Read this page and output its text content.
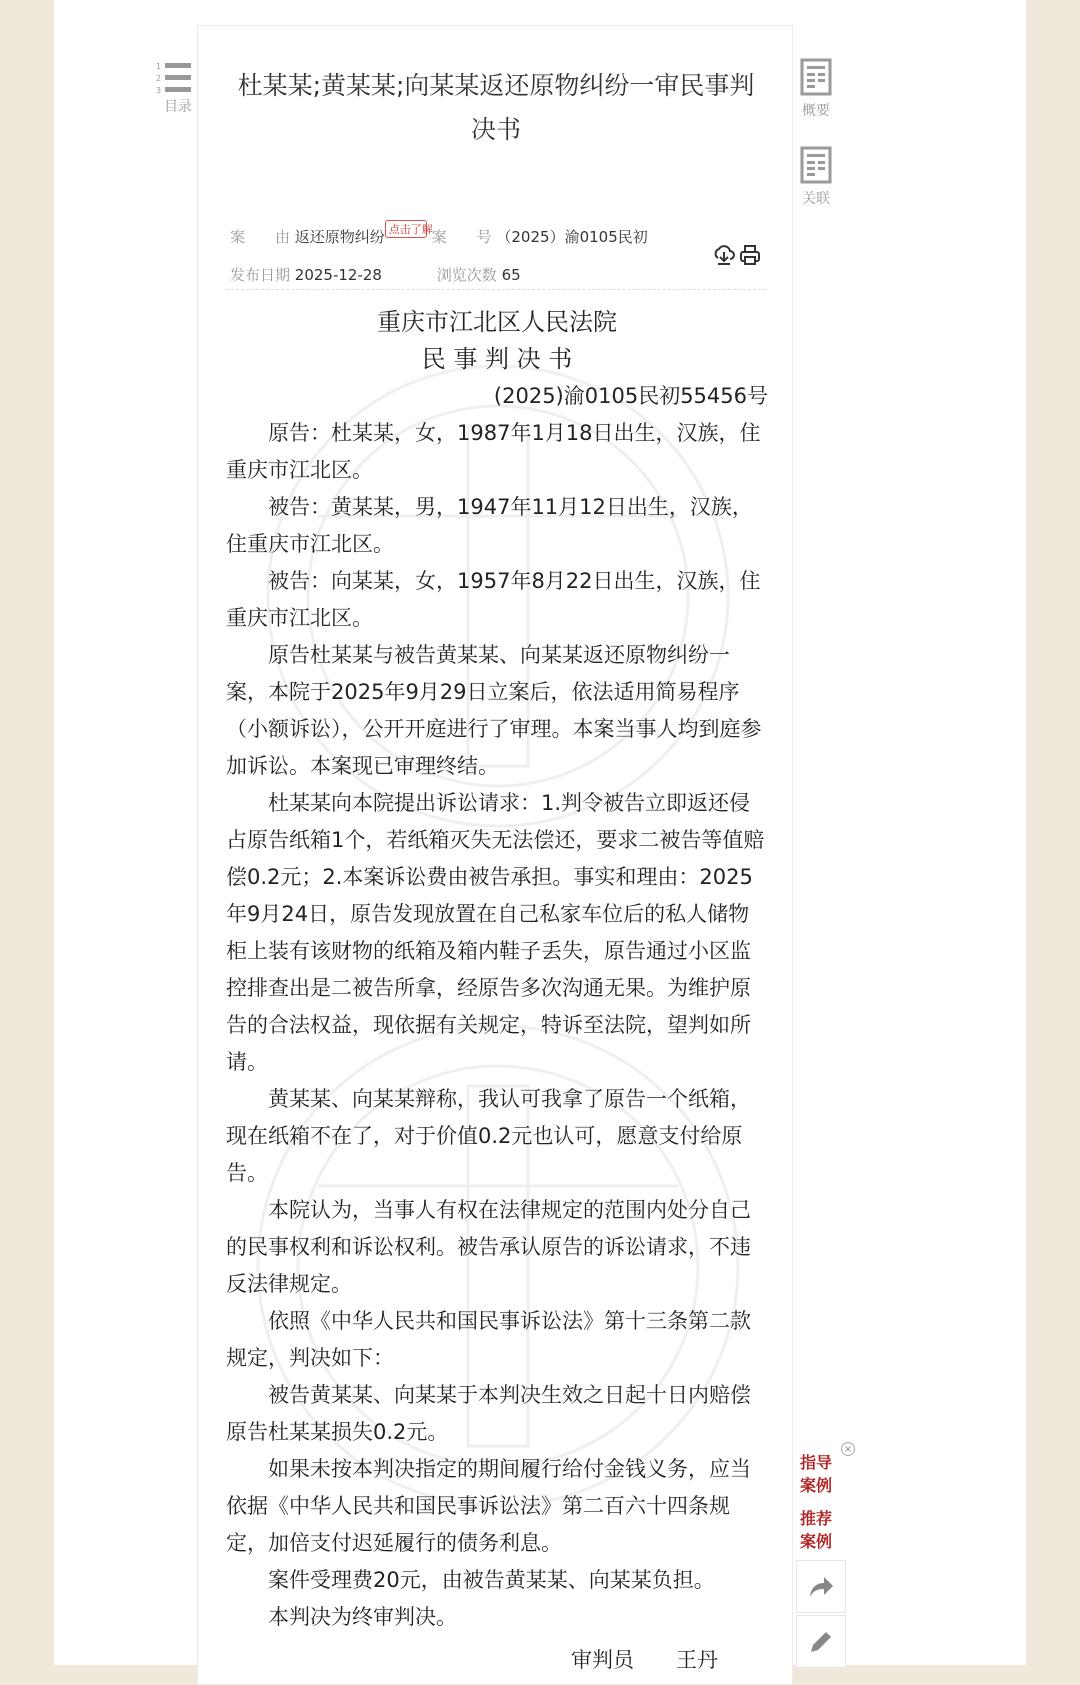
1
2
3
目录
杜某某;黄某某;向某某返还原物纠纷一审民事判决书
案　　由 返还原物纠纷 点击了解 案　　号 （2025）渝0105民初
发布日期 2025-12-28	浏览次数 65

重庆市江北区人民法院

民 事 判 决 书

(2025)渝0105民初55456号

原告：杜某某，女，1987年1月18日出生，汉族，住重庆市江北区。

被告：黄某某，男，1947年11月12日出生，汉族，住重庆市江北区。

被告：向某某，女，1957年8月22日出生，汉族，住重庆市江北区。

原告杜某某与被告黄某某、向某某返还原物纠纷一案，本院于2025年9月29日立案后，依法适用简易程序（小额诉讼），公开开庭进行了审理。本案当事人均到庭参加诉讼。本案现已审理终结。

杜某某向本院提出诉讼请求：1.判令被告立即返还侵占原告纸箱1个，若纸箱灭失无法偿还，要求二被告等值赔偿0.2元；2.本案诉讼费由被告承担。事实和理由：2025年9月24日，原告发现放置在自己私家车位后的私人储物柜上装有该财物的纸箱及箱内鞋子丢失，原告通过小区监控排查出是二被告所拿，经原告多次沟通无果。为维护原告的合法权益，现依据有关规定，特诉至法院，望判如所请。

黄某某、向某某辩称，我认可我拿了原告一个纸箱，现在纸箱不在了，对于价值0.2元也认可，愿意支付给原告。

本院认为，当事人有权在法律规定的范围内处分自己的民事权利和诉讼权利。被告承认原告的诉讼请求，不违反法律规定。

依照《中华人民共和国民事诉讼法》第十三条第二款规定，判决如下：

被告黄某某、向某某于本判决生效之日起十日内赔偿原告杜某某损失0.2元。

如果未按本判决指定的期间履行给付金钱义务，应当依据《中华人民共和国民事诉讼法》第二百六十四条规定，加倍支付迟延履行的债务利息。

案件受理费20元，由被告黄某某、向某某负担。

本判决为终审判决。

审判员　　王丹

概要
关联
指导
案例
推荐
案例
